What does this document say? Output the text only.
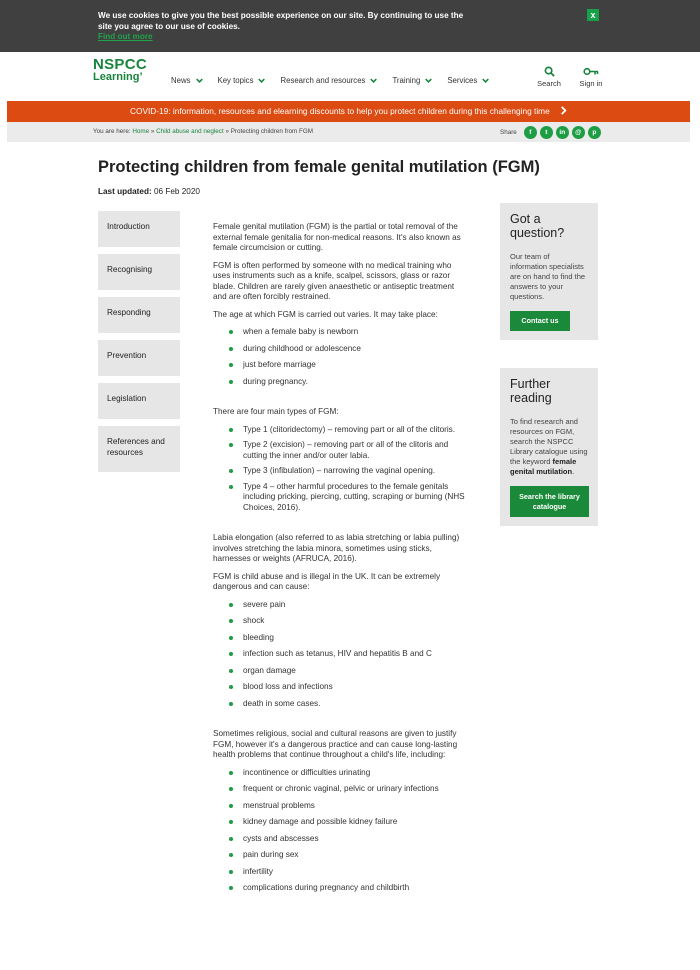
We use cookies to give you the best possible experience on our site. By continuing to use the site you agree to our use of cookies.
Find out more
x
NSPCC
Learning’	News	Key topics	Research and resources	Training	Services	Search	Sign in
COVID-19: information, resources and elearning discounts to help you protect children during this challenging time
You are here: Home » Child abuse and neglect » Protecting children from FGM	Share	f	t	in	@	p
Protecting children from female genital mutilation (FGM)
Last updated: 06 Feb 2020
Introduction
Recognising
Responding
Prevention
Legislation
References and resources

Female genital mutilation (FGM) is the partial or total removal of the external female genitalia for non-medical reasons. It's also known as female circumcision or cutting.

FGM is often performed by someone with no medical training who uses instruments such as a knife, scalpel, scissors, glass or razor blade. Children are rarely given anaesthetic or antiseptic treatment and are often forcibly restrained.

The age at which FGM is carried out varies. It may take place:

when a female baby is newborn
during childhood or adolescence
just before marriage
during pregnancy.

There are four main types of FGM:

Type 1 (clitoridectomy) – removing part or all of the clitoris.
Type 2 (excision) – removing part or all of the clitoris and cutting the inner and/or outer labia.
Type 3 (infibulation) – narrowing the vaginal opening.
Type 4 – other harmful procedures to the female genitals including pricking, piercing, cutting, scraping or burning (NHS Choices, 2016).

Labia elongation (also referred to as labia stretching or labia pulling) involves stretching the labia minora, sometimes using sticks, harnesses or weights (AFRUCA, 2016).

FGM is child abuse and is illegal in the UK. It can be extremely dangerous and can cause:

severe pain
shock
bleeding
infection such as tetanus, HIV and hepatitis B and C
organ damage
blood loss and infections
death in some cases.

Sometimes religious, social and cultural reasons are given to justify FGM, however it's a dangerous practice and can cause long-lasting health problems that continue throughout a child's life, including:

incontinence or difficulties urinating
frequent or chronic vaginal, pelvic or urinary infections
menstrual problems
kidney damage and possible kidney failure
cysts and abscesses
pain during sex
infertility
complications during pregnancy and childbirth
Got a question?

Our team of information specialists are on hand to find the answers to your questions.

Contact us
Further reading

To find research and resources on FGM, search the NSPCC Library catalogue using the keyword female genital mutilation.

Search the library catalogue
